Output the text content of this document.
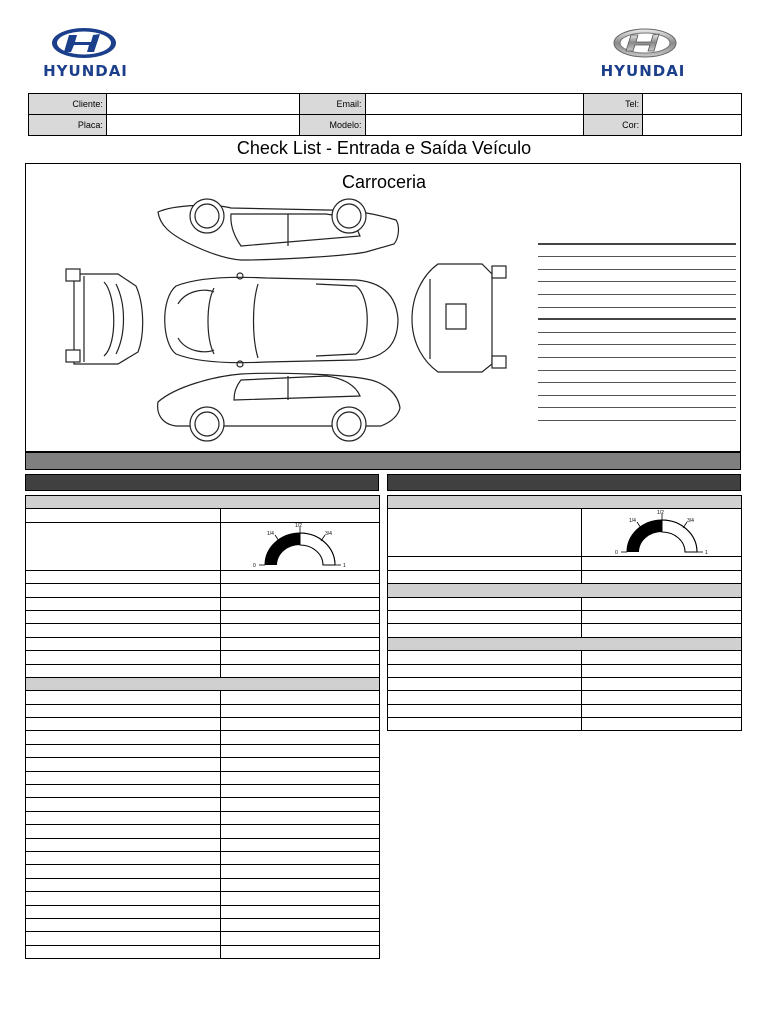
HYUNDAI	HYUNDAI
Cliente:		Email:		Tel:	
Placa:		Modelo:		Cor:	
Check List - Entrada e Saída Veículo
Carroceria

0
1/4
1/2
3/4
1

0
1/4
1/2
3/4
1
